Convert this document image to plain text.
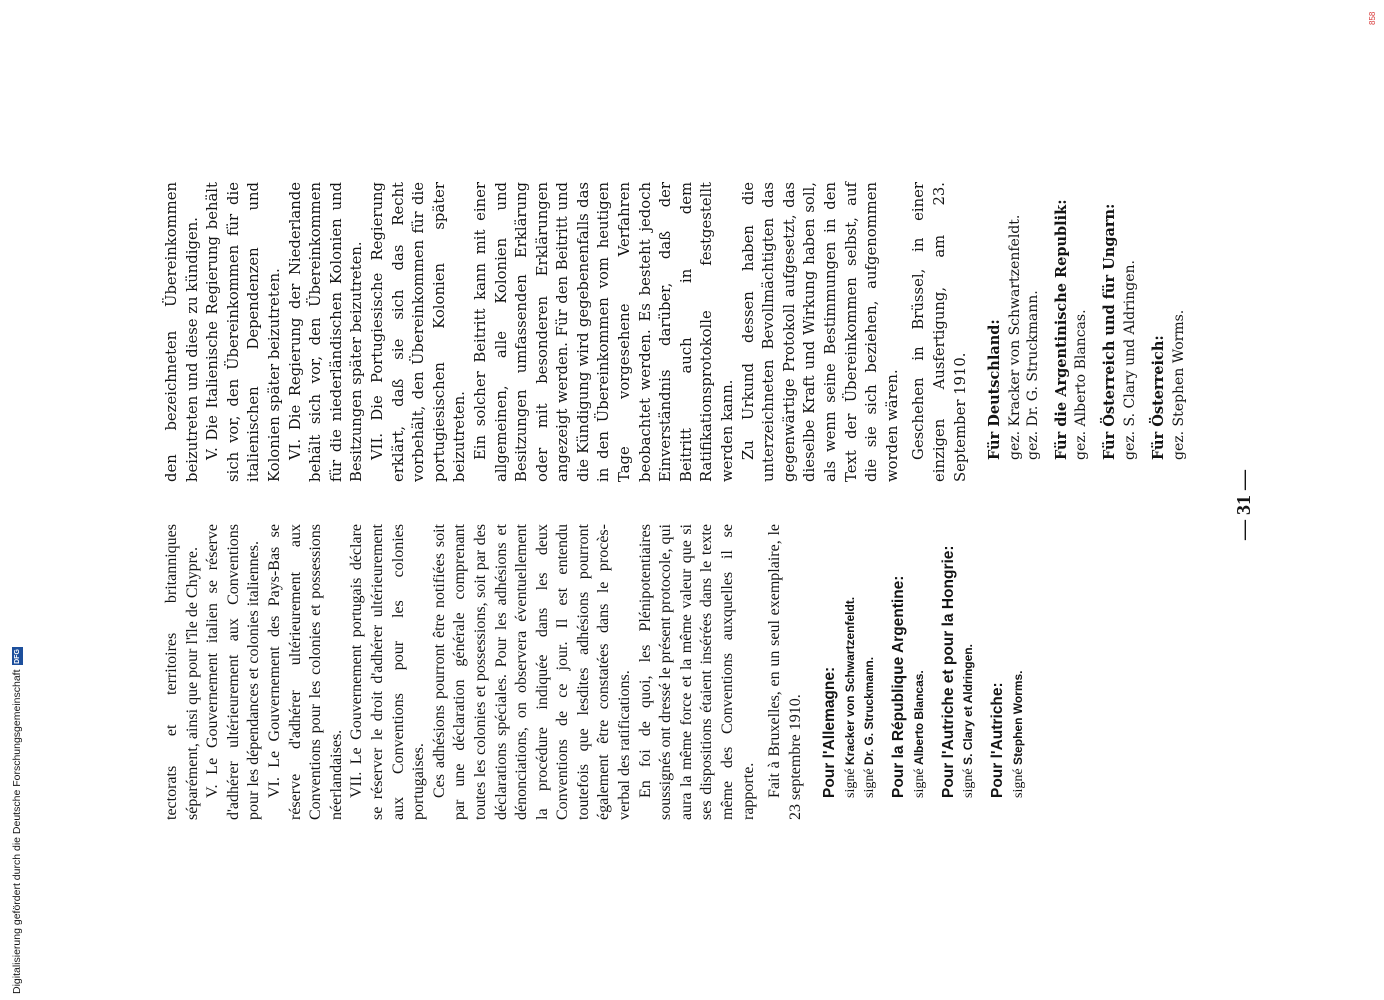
— 31 —

tectorats et territoires britanniques séparément, ainsi que pour l'île de Chypre. V. Le Gouvernement italien se réserve d'adhérer ultérieurement aux Conventions pour les dépendances et colonies italiennes. VI. Le Gouvernement des Pays-Bas se réserve d'adhérer ultérieurement aux Conventions pour les colonies et possessions néerlandaises. VII. Le Gouvernement portugais déclare se réserver le droit d'adhérer ultérieurement aux Conventions pour les colonies portugaises. Ces adhésions pourront être notifiées soit par une déclaration générale comprenant toutes les colonies et possessions, soit par des déclarations spéciales. Pour les adhésions et dénonciations, on observera éventuellement la procédure indiquée dans les deux Conventions de ce jour. Il est entendu toutefois que lesdites adhésions pourront également être constatées dans le procès-verbal des ratifications. En foi de quoi, les Plénipotentiaires soussignés ont dressé le présent protocole, qui aura la même force et la même valeur que si ses dispositions étaient insérées dans le texte même des Conventions auxquelles il se rapporte. Fait à Bruxelles, en un seul exemplaire, le 23 septembre 1910. Pour l'Allemagne: signé Kracker von Schwartzenfeldt.

signé Dr. G. Struckmann. Pour la République Argentine: signé Alberto Blancas. Pour l'Autriche et pour la Hongrie: signé S. Clary et Aldringen. Pour l'Autriche: signé Stephen Worms.

den bezeichneten Übereinkommen beizutreten und diese zu kündigen. V. Die Italienische Regierung behält sich vor, den Übereinkommen für die italienischen Dependenzen und Kolonien später beizutreten. VI. Die Regierung der Niederlande behält sich vor, den Übereinkommen für die niederländischen Kolonien und Besitzungen später beizutreten. VII. Die Portugiesische Regierung erklärt, daß sie sich das Recht vorbehält, den Übereinkommen für die portugiesischen Kolonien später beizutreten. Ein solcher Beitritt kann mit einer allgemeinen, alle Kolonien und Besitzungen umfassenden Erklärung oder mit besonderen Erklärungen angezeigt werden. Für den Beitritt und die Kündigung wird gegebenenfalls das in den Übereinkommen vom heutigen Tage vorgesehene Verfahren beobachtet werden. Es besteht jedoch Einverständnis darüber, daß der Beitritt auch in dem Ratifikationsprotokolle festgestellt werden kann. Zu Urkund dessen haben die unterzeichneten Bevollmächtigten das gegenwärtige Protokoll aufgesetzt, das dieselbe Kraft und Wirkung haben soll, als wenn seine Bestimmungen in den Text der Übereinkommen selbst, auf die sie sich beziehen, aufgenommen worden wären. Geschehen in Brüssel, in einer einzigen Ausfertigung, am 23. September 1910. Für Deutschland: gez. Kracker von Schwartzenfeldt.

gez. Dr. G. Struckmann. Für die Argentinische Republik: gez. Alberto Blancas. Für Österreich und für Ungarn: gez. S. Clary und Aldringen. Für Österreich: gez. Stephen Worms.

Digitalisierung gefördert durch die Deutsche Forschungsgemeinschaft
DFG
858
